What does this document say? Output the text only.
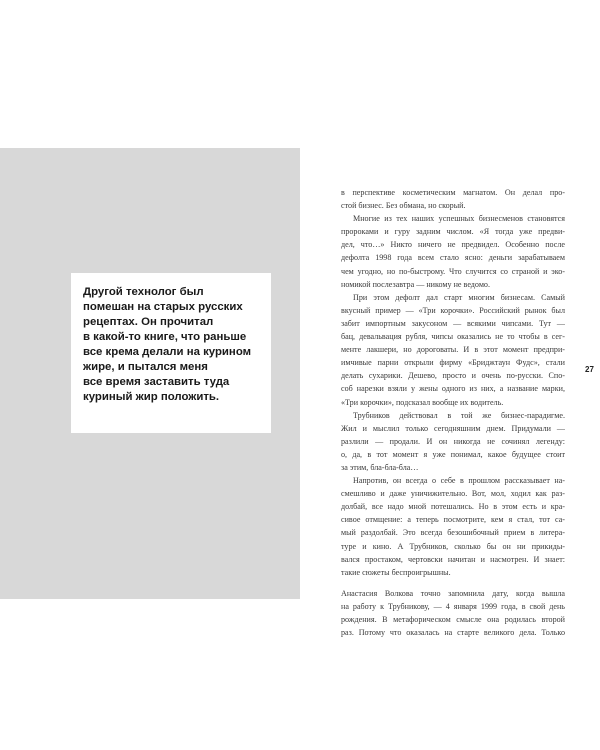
Другой технолог был
помешан на старых русских
рецептах. Он прочитал
в какой-то книге, что раньше
все крема делали на курином
жире, и пытался меня
все время заставить туда
куриный жир положить.
в перспективе косметическим магнатом. Он делал про-
стой бизнес. Без обмана, но скорый.
Многие из тех наших успешных бизнесменов становятся
пророками и гуру задним числом. «Я тогда уже предви-
дел, что…» Никто ничего не предвидел. Особенно после
дефолта 1998 года всем стало ясно: деньги зарабатываем
чем угодно, но по-быстрому. Что случится со страной и эко-
номикой послезавтра — никому не ведомо.
При этом дефолт дал старт многим бизнесам. Самый
вкусный пример — «Три корочки». Российский рынок был
забит импортным закусоном — всякими чипсами. Тут —
бац, девальвация рубля, чипсы оказались не то чтобы в сег-
менте лакшери, но дороговаты. И в этот момент предпри-
имчивые парни открыли фирму «Бриджтаун Фудс», стали
делать сухарики. Дешево, просто и очень по-русски. Спо-
соб нарезки взяли у жены одного из них, а название марки,
«Три корочки», подсказал вообще их водитель.
Трубников действовал в той же бизнес-парадигме.
Жил и мыслил только сегодняшним днем. Придумали —
разлили — продали. И он никогда не сочинял легенду:
о, да, в тот момент я уже понимал, какое будущее стоит
за этим, бла-бла-бла…
Напротив, он всегда о себе в прошлом рассказывает на-
смешливо и даже уничижительно. Вот, мол, ходил как раз-
долбай, все надо мной потешались. Но в этом есть и кра-
сивое отмщение: а теперь посмотрите, кем я стал, тот са-
мый раздолбай. Это всегда безошибочный прием в литера-
туре и кино. А Трубников, сколько бы он ни прикиды-
вался простаком, чертовски начитан и насмотрен. И знает:
такие сюжеты беспроигрышны.
Анастасия Волкова точно запомнила дату, когда вышла
на работу к Трубникову, — 4 января 1999 года, в свой день
рождения. В метафорическом смысле она родилась второй
раз. Потому что оказалась на старте великого дела. Только
27
